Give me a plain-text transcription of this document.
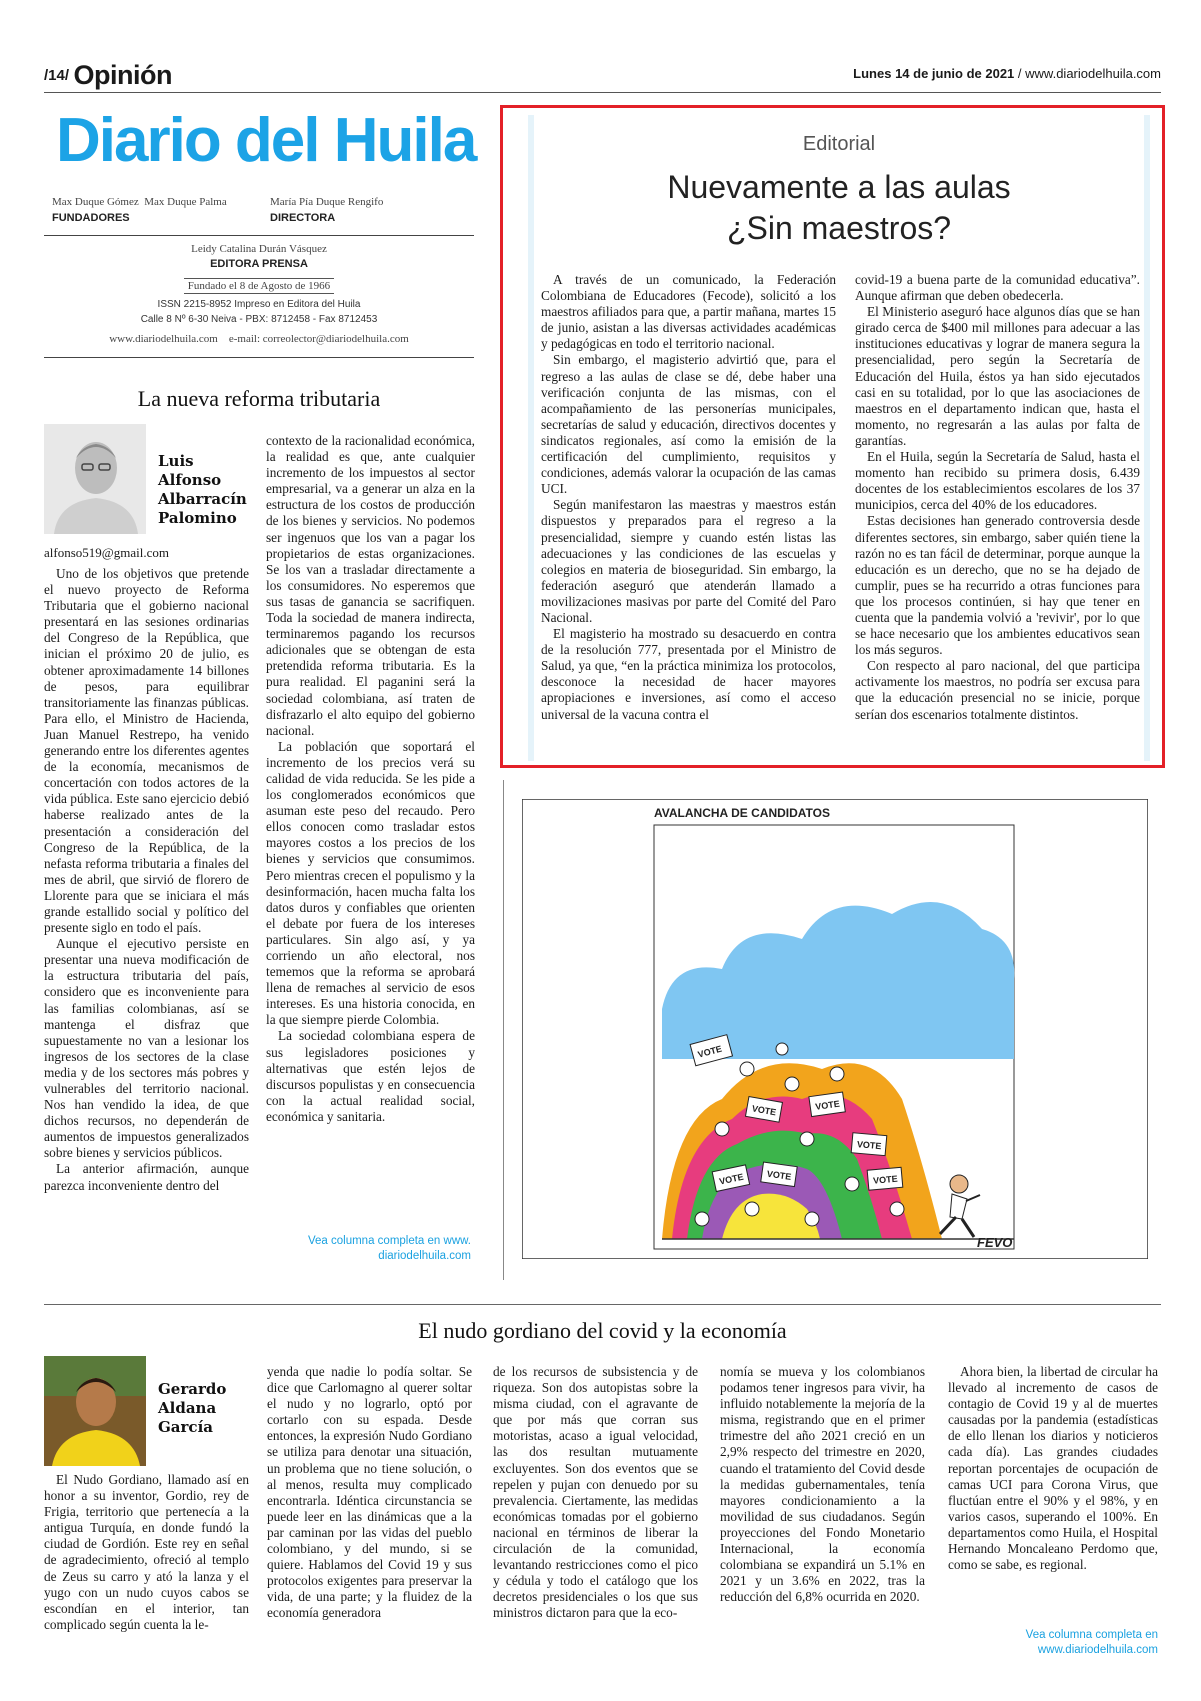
/14/ Opinión	Lunes 14 de junio de 2021 / www.diariodelhuila.com
Diario del Huila
Max Duque Gómez Max Duque Palma
FUNDADORES
María Pía Duque Rengifo
DIRECTORA
Leidy Catalina Durán Vásquez
EDITORA PRENSA
Fundado el 8 de Agosto de 1966
ISSN 2215-8952 Impreso en Editora del Huila
Calle 8 Nº 6-30 Neiva - PBX: 8712458 - Fax 8712453
www.diariodelhuila.com    e-mail: correolector@diariodelhuila.com
La nueva reforma tributaria
Luis
Alfonso
Albarracín
Palomino
alfonso519@gmail.com

Uno de los objetivos que pretende el nuevo proyecto de Reforma Tributaria que el gobierno nacional presentará en las sesiones ordinarias del Congreso de la República, que inician el próximo 20 de julio, es obtener aproximadamente 14 billones de pesos, para equilibrar transitoriamente las finanzas públicas. Para ello, el Ministro de Hacienda, Juan Manuel Restrepo, ha venido generando entre los diferentes agentes de la economía, mecanismos de concertación con todos actores de la vida pública. Este sano ejercicio debió haberse realizado antes de la presentación a consideración del Congreso de la República, de la nefasta reforma tributaria a finales del mes de abril, que sirvió de florero de Llorente para que se iniciara el más grande estallido social y político del presente siglo en todo el país.

Aunque el ejecutivo persiste en presentar una nueva modificación de la estructura tributaria del país, considero que es inconveniente para las familias colombianas, así se mantenga el disfraz que supuestamente no van a lesionar los ingresos de los sectores de la clase media y de los sectores más pobres y vulnerables del territorio nacional. Nos han vendido la idea, de que dichos recursos, no dependerán de aumentos de impuestos generalizados sobre bienes y servicios públicos.

La anterior afirmación, aunque parezca inconveniente dentro del

contexto de la racionalidad económica, la realidad es que, ante cualquier incremento de los impuestos al sector empresarial, va a generar un alza en la estructura de los costos de producción de los bienes y servicios. No podemos ser ingenuos que los van a pagar los propietarios de estas organizaciones. Se los van a trasladar directamente a los consumidores. No esperemos que sus tasas de ganancia se sacrifiquen. Toda la sociedad de manera indirecta, terminaremos pagando los recursos adicionales que se obtengan de esta pretendida reforma tributaria. Es la pura realidad. El paganini será la sociedad colombiana, así traten de disfrazarlo el alto equipo del gobierno nacional.

La población que soportará el incremento de los precios verá su calidad de vida reducida. Se les pide a los conglomerados económicos que asuman este peso del recaudo. Pero ellos conocen como trasladar estos mayores costos a los precios de los bienes y servicios que consumimos. Pero mientras crecen el populismo y la desinformación, hacen mucha falta los datos duros y confiables que orienten el debate por fuera de los intereses particulares. Sin algo así, y ya corriendo un año electoral, nos tememos que la reforma se aprobará llena de remaches al servicio de esos intereses. Es una historia conocida, en la que siempre pierde Colombia.

La sociedad colombiana espera de sus legisladores posiciones y alternativas que estén lejos de discursos populistas y en consecuencia con la actual realidad social, económica y sanitaria.

Vea columna completa en www.
diariodelhuila.com
Editorial
Nuevamente a las aulas
¿Sin maestros?

A través de un comunicado, la Federación Colombiana de Educadores (Fecode), solicitó a los maestros afiliados para que, a partir mañana, martes 15 de junio, asistan a las diversas actividades académicas y pedagógicas en todo el territorio nacional.

Sin embargo, el magisterio advirtió que, para el regreso a las aulas de clase se dé, debe haber una verificación conjunta de las mismas, con el acompañamiento de las personerías municipales, secretarías de salud y educación, directivos docentes y sindicatos regionales, así como la emisión de la certificación del cumplimiento, requisitos y condiciones, además valorar la ocupación de las camas UCI.

Según manifestaron las maestras y maestros están dispuestos y preparados para el regreso a la presencialidad, siempre y cuando estén listas las adecuaciones y las condiciones de las escuelas y colegios en materia de bioseguridad. Sin embargo, la federación aseguró que atenderán llamado a movilizaciones masivas por parte del Comité del Paro Nacional.

El magisterio ha mostrado su desacuerdo en contra de la resolución 777, presentada por el Ministro de Salud, ya que, “en la práctica minimiza los protocolos, desconoce la necesidad de hacer mayores apropiaciones e inversiones, así como el acceso universal de la vacuna contra el

covid-19 a buena parte de la comunidad educativa”. Aunque afirman que deben obedecerla.

El Ministerio aseguró hace algunos días que se han girado cerca de $400 mil millones para adecuar a las instituciones educativas y lograr de manera segura la presencialidad, pero según la Secretaría de Educación del Huila, éstos ya han sido ejecutados casi en su totalidad, por lo que las asociaciones de maestros en el departamento indican que, hasta el momento, no regresarán a las aulas por falta de garantías.

En el Huila, según la Secretaría de Salud, hasta el momento han recibido su primera dosis, 6.439 docentes de los establecimientos escolares de los 37 municipios, cerca del 40% de los educadores.

Estas decisiones han generado controversia desde diferentes sectores, sin embargo, saber quién tiene la razón no es tan fácil de determinar, porque aunque la educación es un derecho, que no se ha dejado de cumplir, pues se ha recurrido a otras funciones para que los procesos continúen, si hay que tener en cuenta que la pandemia volvió a 'revivir', por lo que se hace necesario que los ambientes educativos sean los más seguros.

Con respecto al paro nacional, del que participa activamente los maestros, no podría ser excusa para que la educación presencial no se inicie, porque serían dos escenarios totalmente distintos.

AVALANCHA DE CANDIDATOS
VOTE
VOTE	VOTE
VOTE
VOTE VOTE	VOTE
FEVO
El nudo gordiano del covid y la economía
Gerardo
Aldana
García

El Nudo Gordiano, llamado así en honor a su inventor, Gordio, rey de Frigia, territorio que pertenecía a la antigua Turquía, en donde fundó la ciudad de Gordión. Este rey en señal de agradecimiento, ofreció al templo de Zeus su carro y ató la lanza y el yugo con un nudo cuyos cabos se escondían en el interior, tan complicado según cuenta la le-

yenda que nadie lo podía soltar. Se dice que Carlomagno al querer soltar el nudo y no lograrlo, optó por cortarlo con su espada. Desde entonces, la expresión Nudo Gordiano se utiliza para denotar una situación, un problema que no tiene solución, o al menos, resulta muy complicado encontrarla. Idéntica circunstancia se puede leer en las dinámicas que a la par caminan por las vidas del pueblo colombiano, y del mundo, si se quiere. Hablamos del Covid 19 y sus protocolos exigentes para preservar la vida, de una parte; y la fluidez de la economía generadora

de los recursos de subsistencia y de riqueza. Son dos autopistas sobre la misma ciudad, con el agravante de que por más que corran sus motoristas, acaso a igual velocidad, las dos resultan mutuamente excluyentes. Son dos eventos que se repelen y pujan con denuedo por su prevalencia. Ciertamente, las medidas económicas tomadas por el gobierno nacional en términos de liberar la circulación de la comunidad, levantando restricciones como el pico y cédula y todo el catálogo que los decretos presidenciales o los que sus ministros dictaron para que la eco-

nomía se mueva y los colombianos podamos tener ingresos para vivir, ha influido notablemente la mejoría de la misma, registrando que en el primer trimestre del año 2021 creció en un 2,9% respecto del trimestre en 2020, cuando el tratamiento del Covid desde la medidas gubernamentales, tenía mayores condicionamiento a la movilidad de sus ciudadanos. Según proyecciones del Fondo Monetario Internacional, la economía colombiana se expandirá un 5.1% en 2021 y un 3.6% en 2022, tras la reducción del 6,8% ocurrida en 2020.

Ahora bien, la libertad de circular ha llevado al incremento de casos de contagio de Covid 19 y al de muertes causadas por la pandemia (estadísticas de ello llenan los diarios y noticieros cada día). Las grandes ciudades reportan porcentajes de ocupación de camas UCI para Corona Virus, que fluctúan entre el 90% y el 98%, y en varios casos, superando el 100%. En departamentos como Huila, el Hospital Hernando Moncaleano Perdomo que, como se sabe, es regional.

Vea columna completa en
www.diariodelhuila.com
